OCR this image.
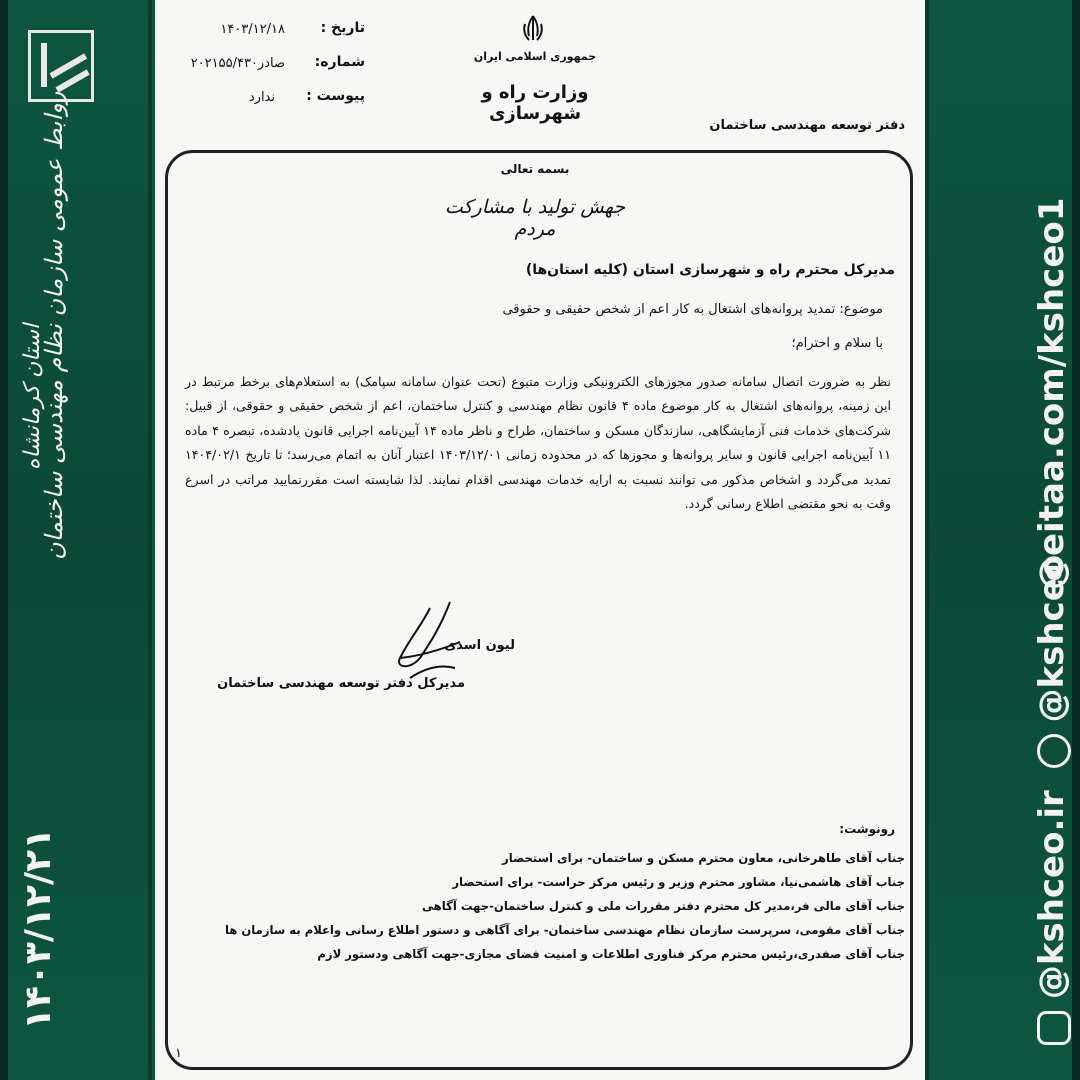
روابط عمومی سازمان نظام مهندسی ساختمان
استان کرمانشاه
۱۴۰۳/۱۲/۲۱	@kshceo.ir  @kshceo
@eitaa.com/kshceo1
جمهوری اسلامی ایران
وزارت راه و شهرسازی
دفتر توسعه مهندسی ساختمان
تاریخ :
۱۴۰۳/۱۲/۱۸
شماره:
۲۰۲۱۵۵/۴۳۰صادر
پیوست :
ندارد
بسمه تعالی
جهش تولید با مشارکت مردم
مدیرکل محترم راه و شهرسازی استان (کلیه استان‌ها)
موضوع: تمدید پروانه‌های اشتغال به کار اعم از شخص حقیقی و حقوقی
با سلام و احترام؛
نظر به ضرورت اتصال سامانه صدور مجوزهای الکترونیکی وزارت متبوع (تحت عنوان سامانه سپامک) به استعلام‌های برخط مرتبط در این زمینه، پروانه‌های اشتغال به کار موضوع ماده ۴ قانون نظام مهندسی و کنترل ساختمان، اعم از شخص حقیقی و حقوقی، از قبیل: شرکت‌های خدمات فنی آزمایشگاهی، سازندگان مسکن و ساختمان، طراح و ناظر ماده ۱۴ آیین‌نامه اجرایی قانون یادشده، تبصره ۴ ماده ۱۱ آیین‌نامه اجرایی قانون و سایر پروانه‌ها و مجوزها که در محدوده زمانی ۱۴۰۳/۱۲/۰۱ اعتبار آنان به اتمام می‌رسد؛ تا تاریخ ۱۴۰۴/۰۲/۱ تمدید می‌گردد و اشخاص مذکور می توانند نسبت به ارایه خدمات مهندسی اقدام نمایند. لذا شایسته است مقررنمایید مراتب در اسرع وقت به نحو مقتضی اطلاع رسانی گردد.
لیون اسدی
مدیرکل دفتر توسعه مهندسی ساختمان
رونوشت:
جناب آقای طاهرخانی، معاون محترم مسکن و ساختمان- برای استحضار
جناب آقای هاشمی‌نیا، مشاور محترم وزیر و رئیس مرکز حراست- برای استحضار
جناب آقای مالی فر،مدیر کل محترم دفتر مقررات ملی و کنترل ساختمان-جهت آگاهی
جناب آقای مقومی، سرپرست سازمان نظام مهندسی ساختمان- برای آگاهی و دستور اطلاع رسانی واعلام به سازمان ها
جناب آقای صفدری،رئیس محترم مرکز فناوری اطلاعات و امنیت فضای مجازی-جهت آگاهی ودستور لازم
۱
